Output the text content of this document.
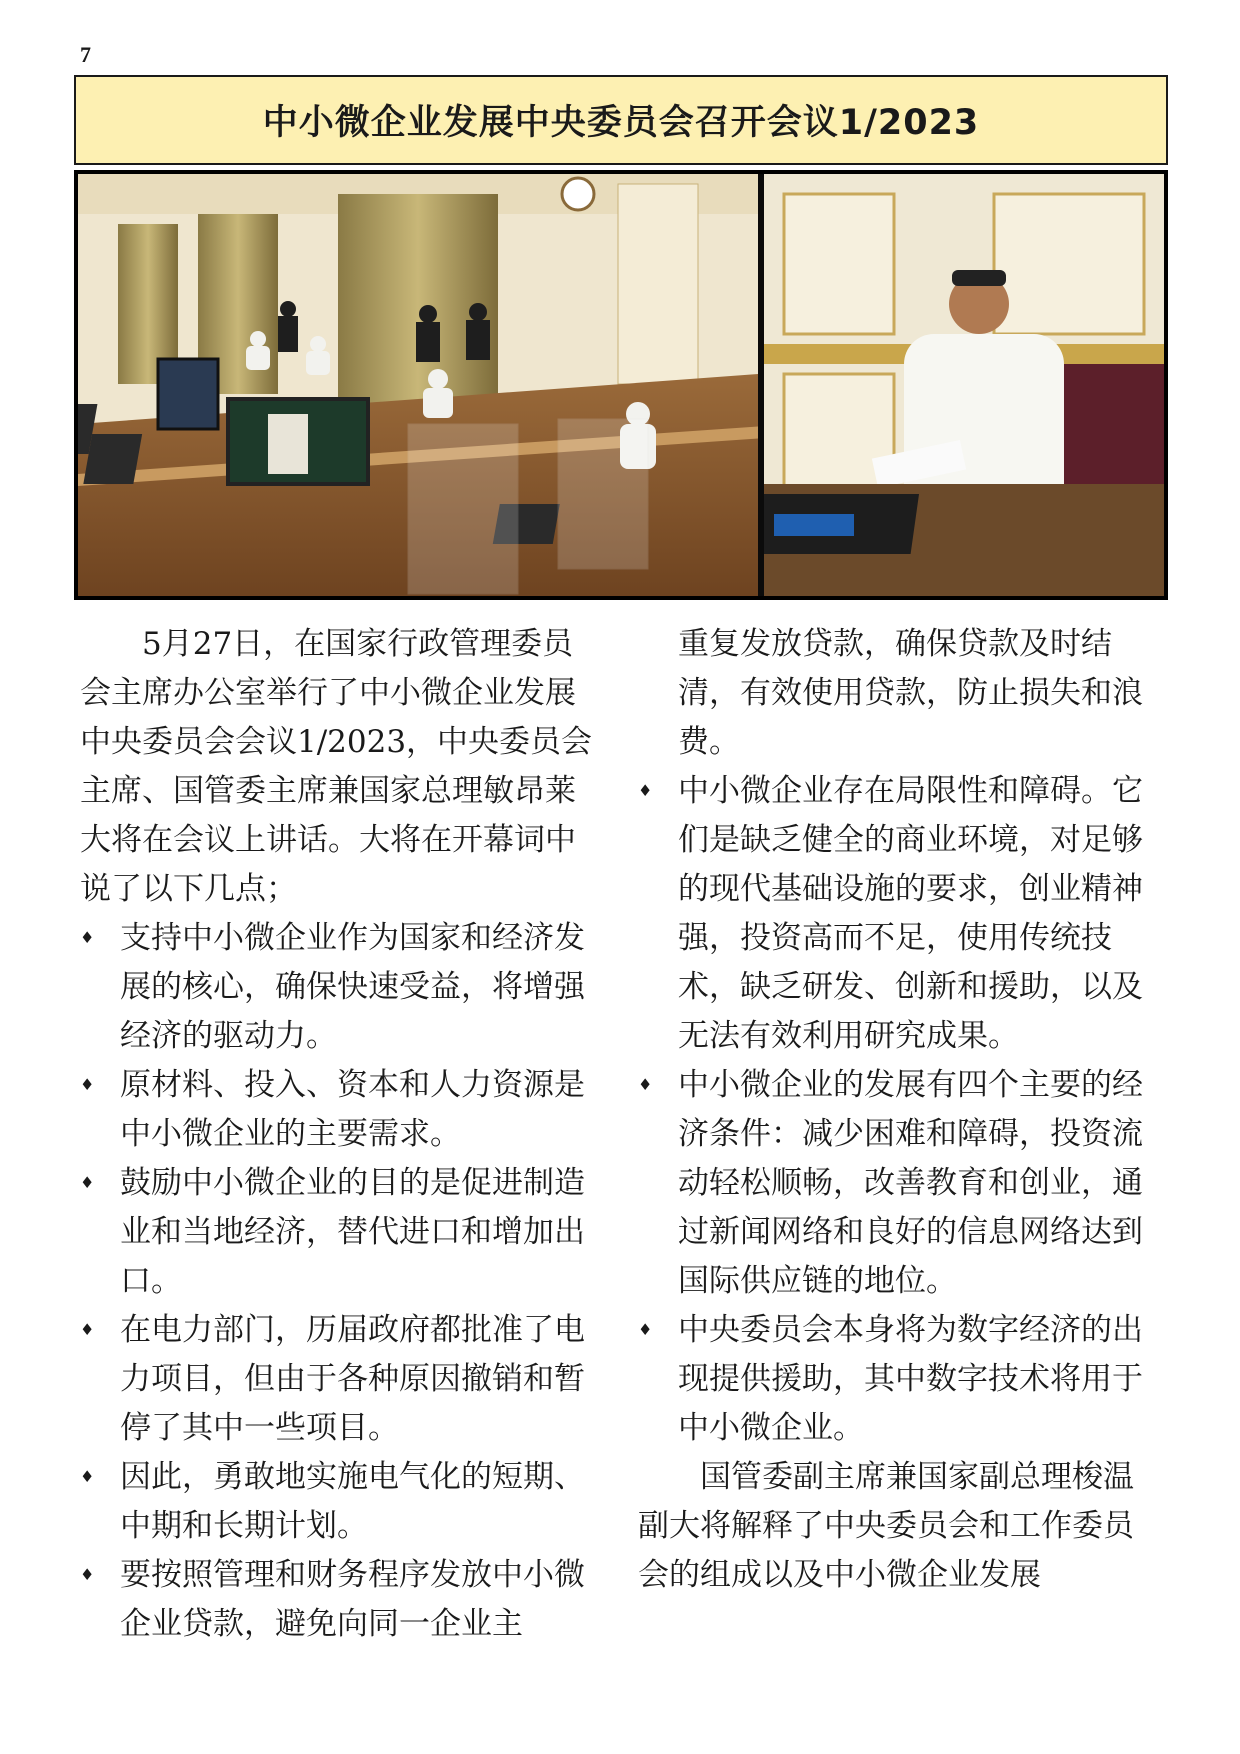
7
中小微企业发展中央委员会召开会议1/2023

5月27日，在国家行政管理委员会主席办公室举行了中小微企业发展中央委员会会议1/2023，中央委员会主席、国管委主席兼国家总理敏昂莱大将在会议上讲话。大将在开幕词中说了以下几点；

♦ 支持中小微企业作为国家和经济发展的核心，确保快速受益，将增强经济的驱动力。

♦ 原材料、投入、资本和人力资源是中小微企业的主要需求。

♦ 鼓励中小微企业的目的是促进制造业和当地经济，替代进口和增加出口。

♦ 在电力部门，历届政府都批准了电力项目，但由于各种原因撤销和暂停了其中一些项目。

♦ 因此，勇敢地实施电气化的短期、中期和长期计划。

♦ 要按照管理和财务程序发放中小微企业贷款，避免向同一企业主

重复发放贷款，确保贷款及时结清，有效使用贷款，防止损失和浪费。

♦ 中小微企业存在局限性和障碍。它们是缺乏健全的商业环境，对足够的现代基础设施的要求，创业精神强，投资高而不足，使用传统技术，缺乏研发、创新和援助，以及无法有效利用研究成果。

♦ 中小微企业的发展有四个主要的经济条件：减少困难和障碍，投资流动轻松顺畅，改善教育和创业，通过新闻网络和良好的信息网络达到国际供应链的地位。

♦ 中央委员会本身将为数字经济的出现提供援助，其中数字技术将用于中小微企业。

国管委副主席兼国家副总理梭温副大将解释了中央委员会和工作委员会的组成以及中小微企业发展
